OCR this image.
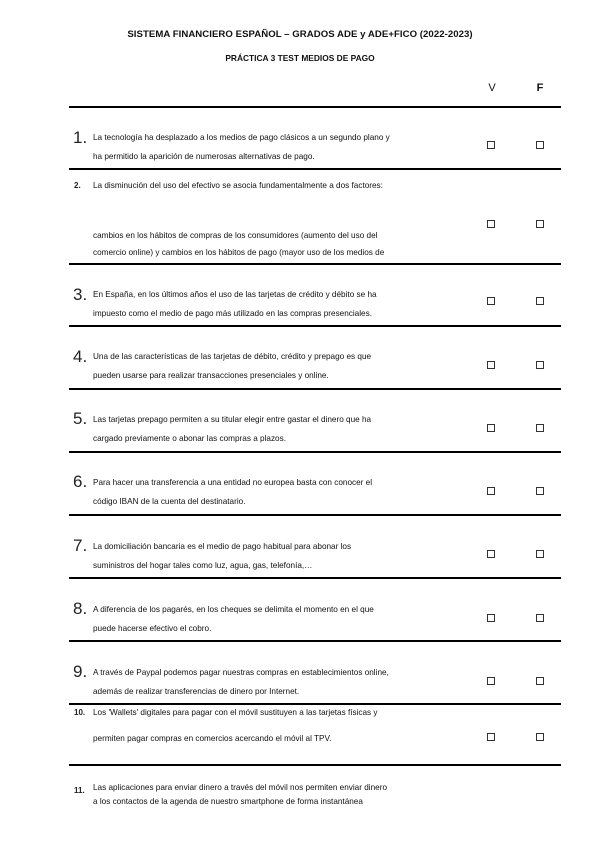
SISTEMA FINANCIERO ESPAÑOL – GRADOS ADE y ADE+FICO (2022-2023)
PRÁCTICA 3 TEST MEDIOS DE PAGO
V	F
1. La tecnología ha desplazado a los medios de pago clásicos a un segundo plano y
ha permitido la aparición de numerosas alternativas de pago.
2. La disminución del uso del efectivo se asocia fundamentalmente a dos factores:
cambios en los hábitos de compras de los consumidores (aumento del uso del
comercio online) y cambios en los hábitos de pago (mayor uso de los medios de
3. En España, en los últimos años el uso de las tarjetas de crédito y débito se ha
impuesto como el medio de pago más utilizado en las compras presenciales.
4. Una de las características de las tarjetas de débito, crédito y prepago es que
pueden usarse para realizar transacciones presenciales y online.
5. Las tarjetas prepago permiten a su titular elegir entre gastar el dinero que ha
cargado previamente o abonar las compras a plazos.
6. Para hacer una transferencia a una entidad no europea basta con conocer el
código IBAN de la cuenta del destinatario.
7. La domiciliación bancaria es el medio de pago habitual para abonar los
suministros del hogar tales como luz, agua, gas, telefonía,…
8. A diferencia de los pagarés, en los cheques se delimita el momento en el que
puede hacerse efectivo el cobro.
9. A través de Paypal podemos pagar nuestras compras en establecimientos online,
además de realizar transferencias de dinero por Internet.
10. Los 'Wallets' digitales para pagar con el móvil sustituyen a las tarjetas físicas y
permiten pagar compras en comercios acercando el móvil al TPV.
11. Las aplicaciones para enviar dinero a través del móvil nos permiten enviar dinero
a los contactos de la agenda de nuestro smartphone de forma instantánea
